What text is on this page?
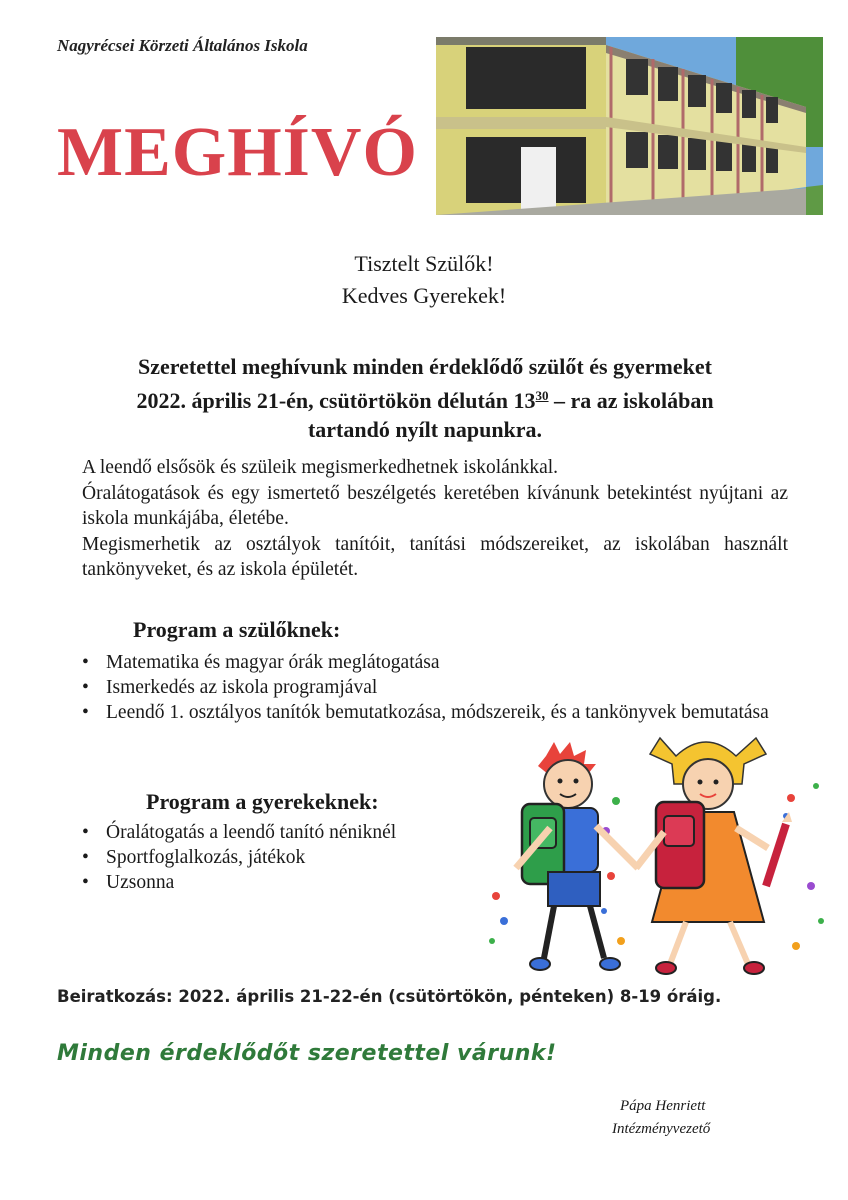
Nagyrécsei Körzeti Általános Iskola
MEGHÍVÓ
Tisztelt Szülők!
Kedves Gyerekek!
Szeretettel meghívunk minden érdeklődő szülőt és gyermeket
2022. április 21-én, csütörtökön délután $13^{30}$ – ra az iskolában
tartandó nyílt napunkra.

A leendő elsősök és szüleik megismerkedhetnek iskolánkkal.

Óralátogatások és egy ismertető beszélgetés keretében kívánunk betekintést nyújtani az iskola munkájába, életébe.

Megismerhetik az osztályok tanítóit, tanítási módszereiket, az iskolában használt tankönyveket, és az iskola épületét.

Program a szülőknek:
• Matematika és magyar órák meglátogatása
• Ismerkedés az iskola programjával
• Leendő 1. osztályos tanítók bemutatkozása, módszereik, és a tankönyvek bemutatása
Program a gyerekeknek:
• Óralátogatás a leendő tanító néniknél
• Sportfoglalkozás, játékok
• Uzsonna
Beiratkozás: 2022. április 21-22-én (csütörtökön, pénteken) 8-19 óráig.
Minden érdeklődőt szeretettel várunk!
Pápa Henriett
Intézményvezető
